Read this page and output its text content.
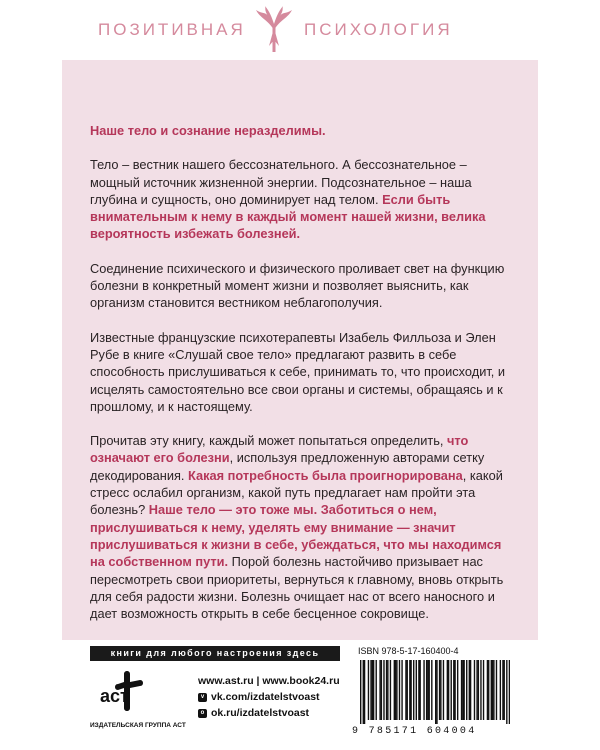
ПОЗИТИВНАЯ	ПСИХОЛОГИЯ

Наше тело и сознание неразделимы.

Тело – вестник нашего бессознательного. А бессознательное – мощный источник жизненной энергии. Подсознательное – наша глубина и сущность, оно доминирует над телом. Если быть внимательным к нему в каждый момент нашей жизни, велика вероятность избежать болезней.

Соединение психического и физического проливает свет на функцию болезни в конкретный момент жизни и позволяет выяснить, как организм становится вестником неблагополучия.

Известные французские психотерапевты Изабель Филльоза и Элен Рубе в книге «Слушай свое тело» предлагают развить в себе способность прислушиваться к себе, принимать то, что происходит, и исцелять самостоятельно все свои органы и системы, обращаясь и к прошлому, и к настоящему.

Прочитав эту книгу, каждый может попытаться определить, что означают его болезни, используя предложенную авторами сетку декодирования. Какая потребность была проигнорирована, какой стресс ослабил организм, какой путь предлагает нам пройти эта болезнь? Наше тело — это тоже мы. Заботиться о нем, прислушиваться к нему, уделять ему внимание — значит прислушиваться к жизни в себе, убеждаться, что мы находимся на собственном пути. Порой болезнь настойчиво призывает нас пересмотреть свои приоритеты, вернуться к главному, вновь открыть для себя радости жизни. Болезнь очищает нас от всего наносного и дает возможность открыть в себе бесценное сокровище.

книги для любого настроения здесь
аст
ИЗДАТЕЛЬСКАЯ ГРУППА АСТ
www.ast.ru | www.book24.ru
v vk.com/izdatelstvoast
o ok.ru/izdatelstvoast
ISBN 978-5-17-160400-4
9 785171 604004
